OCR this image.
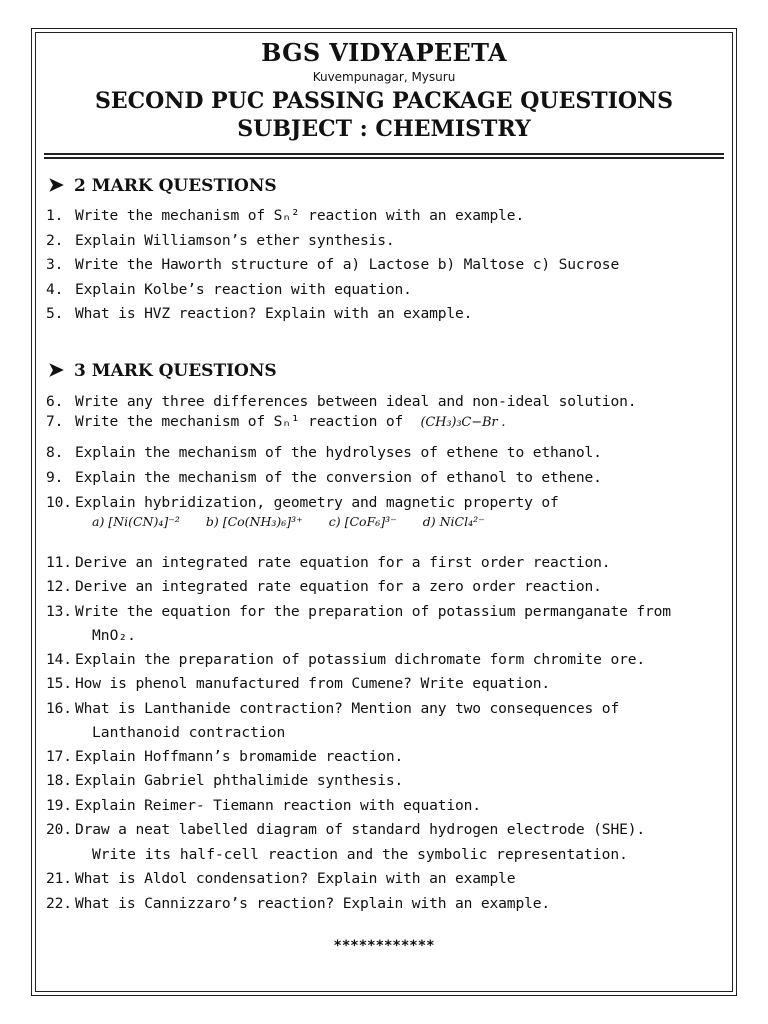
BGS VIDYAPEETA
Kuvempunagar, Mysuru
SECOND PUC PASSING PACKAGE QUESTIONS
SUBJECT : CHEMISTRY
➤ 2 MARK QUESTIONS
1. Write the mechanism of Sₙ² reaction with an example.
2. Explain Williamson’s ether synthesis.
3. Write the Haworth structure of a) Lactose b) Maltose c) Sucrose
4. Explain Kolbe’s reaction with equation.
5. What is HVZ reaction? Explain with an example.
➤ 3 MARK QUESTIONS
6. Write any three differences between ideal and non-ideal solution.
7. Write the mechanism of Sₙ¹ reaction of (CH₃)₃C−Br .
8. Explain the mechanism of the hydrolyses of ethene to ethanol.
9. Explain the mechanism of the conversion of ethanol to ethene.
10. Explain hybridization, geometry and magnetic property of
a) [Ni(CN)₄]⁻² b) [Co(NH₃)₆]³⁺ c) [CoF₆]³⁻ d) NiCl₄²⁻
11. Derive an integrated rate equation for a first order reaction.
12. Derive an integrated rate equation for a zero order reaction.
13. Write the equation for the preparation of potassium permanganate from
MnO₂.
14. Explain the preparation of potassium dichromate form chromite ore.
15. How is phenol manufactured from Cumene? Write equation.
16. What is Lanthanide contraction? Mention any two consequences of
Lanthanoid contraction
17. Explain Hoffmann’s bromamide reaction.
18. Explain Gabriel phthalimide synthesis.
19. Explain Reimer- Tiemann reaction with equation.
20. Draw a neat labelled diagram of standard hydrogen electrode (SHE).
Write its half-cell reaction and the symbolic representation.
21. What is Aldol condensation? Explain with an example
22. What is Cannizzaro’s reaction? Explain with an example.
************
